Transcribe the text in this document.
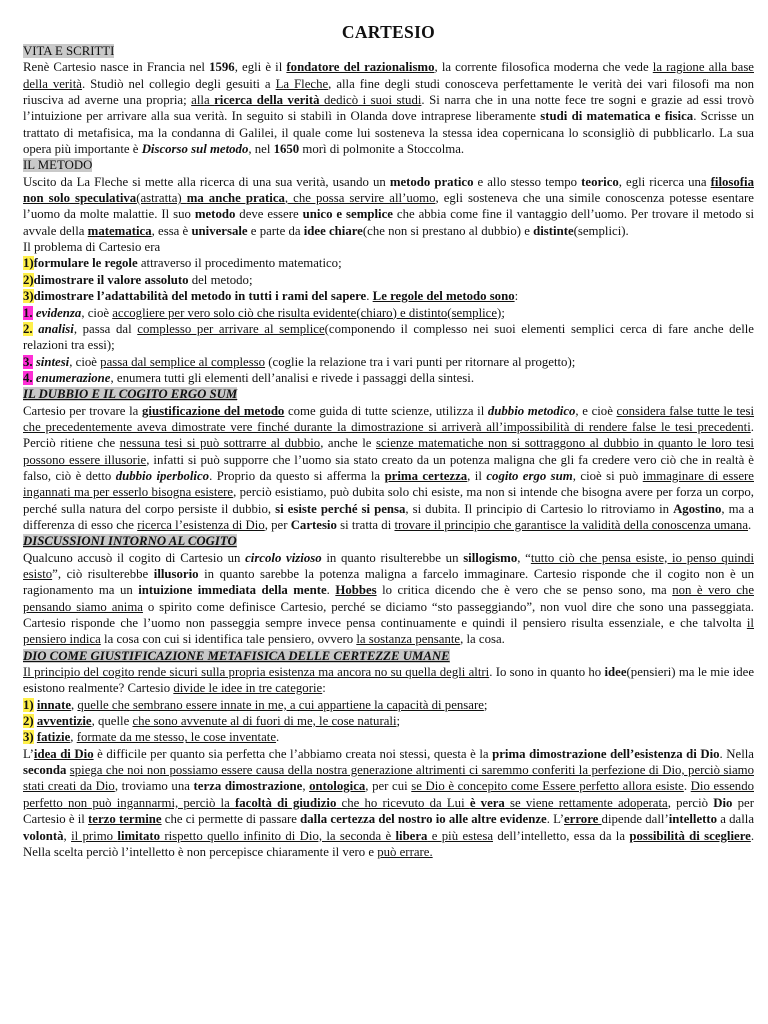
CARTESIO
VITA E SCRITTI

Renè Cartesio nasce in Francia nel 1596, egli è il fondatore del razionalismo, la corrente filosofica moderna che vede la ragione alla base della verità. Studiò nel collegio degli gesuiti a La Fleche, alla fine degli studi conosceva perfettamente le verità dei vari filosofi ma non riusciva ad averne una propria; alla ricerca della verità dedicò i suoi studi. Si narra che in una notte fece tre sogni e grazie ad essi trovò l’intuizione per arrivare alla sua verità. In seguito si stabilì in Olanda dove intraprese liberamente studi di matematica e fisica. Scrisse un trattato di metafisica, ma la condanna di Galilei, il quale come lui sosteneva la stessa idea copernicana lo sconsigliò di pubblicarlo. La sua opera più importante è Discorso sul metodo, nel 1650 morì di polmonite a Stoccolma.

IL METODO

Uscito da La Fleche si mette alla ricerca di una sua verità, usando un metodo pratico e allo stesso tempo teorico, egli ricerca una filosofia non solo speculativa(astratta) ma anche pratica, che possa servire all’uomo, egli sosteneva che una simile conoscenza potesse esentare l’uomo da molte malattie. Il suo metodo deve essere unico e semplice che abbia come fine il vantaggio dell’uomo. Per trovare il metodo si avvale della matematica, essa è universale e parte da idee chiare(che non si prestano al dubbio) e distinte(semplici).

Il problema di Cartesio era

1)formulare le regole attraverso il procedimento matematico;

2)dimostrare il valore assoluto del metodo;

3)dimostrare l’adattabilità del metodo in tutti i rami del sapere. Le regole del metodo sono:

1. evidenza, cioè accogliere per vero solo ciò che risulta evidente(chiaro) e distinto(semplice);

2. analisi, passa dal complesso per arrivare al semplice(componendo il complesso nei suoi elementi semplici cerca di fare anche delle relazioni tra essi);

3. sintesi, cioè passa dal semplice al complesso (coglie la relazione tra i vari punti per ritornare al progetto);

4. enumerazione, enumera tutti gli elementi dell’analisi e rivede i passaggi della sintesi.

IL DUBBIO E IL COGITO ERGO SUM

Cartesio per trovare la giustificazione del metodo come guida di tutte scienze, utilizza il dubbio metodico, e cioè considera false tutte le tesi che precedentemente aveva dimostrate vere finché durante la dimostrazione si arriverà all’impossibilità di rendere false le tesi precedenti. Perciò ritiene che nessuna tesi si può sottrarre al dubbio, anche le scienze matematiche non si sottraggono al dubbio in quanto le loro tesi possono essere illusorie, infatti si può supporre che l’uomo sia stato creato da un potenza maligna che gli fa credere vero ciò che in realtà è falso, ciò è detto dubbio iperbolico. Proprio da questo si afferma la prima certezza, il cogito ergo sum, cioè si può immaginare di essere ingannati ma per esserlo bisogna esistere, perciò esistiamo, può dubita solo chi esiste, ma non si intende che bisogna avere per forza un corpo, perché sulla natura del corpo persiste il dubbio, si esiste perché si pensa, si dubita. Il principio di Cartesio lo ritroviamo in Agostino, ma a differenza di esso che ricerca l’esistenza di Dio, per Cartesio si tratta di trovare il principio che garantisce la validità della conoscenza umana.

DISCUSSIONI INTORNO AL COGITO

Qualcuno accusò il cogito di Cartesio un circolo vizioso in quanto risulterebbe un sillogismo, “tutto ciò che pensa esiste, io penso quindi esisto”, ciò risulterebbe illusorio in quanto sarebbe la potenza maligna a farcelo immaginare. Cartesio risponde che il cogito non è un ragionamento ma un intuizione immediata della mente. Hobbes lo critica dicendo che è vero che se penso sono, ma non è vero che pensando siamo anima o spirito come definisce Cartesio, perché se diciamo “sto passeggiando”, non vuol dire che sono una passeggiata. Cartesio risponde che l’uomo non passeggia sempre invece pensa continuamente e quindi il pensiero risulta essenziale, e che talvolta il pensiero indica la cosa con cui si identifica tale pensiero, ovvero la sostanza pensante, la cosa.

DIO COME GIUSTIFICAZIONE METAFISICA DELLE CERTEZZE UMANE

Il principio del cogito rende sicuri sulla propria esistenza ma ancora no su quella degli altri. Io sono in quanto ho idee(pensieri) ma le mie idee esistono realmente? Cartesio divide le idee in tre categorie:

1) innate, quelle che sembrano essere innate in me, a cui appartiene la capacità di pensare;

2) avventizie, quelle che sono avvenute al di fuori di me, le cose naturali;

3) fatizie, formate da me stesso, le cose inventate.

L’idea di Dio è difficile per quanto sia perfetta che l’abbiamo creata noi stessi, questa è la prima dimostrazione dell’esistenza di Dio. Nella seconda spiega che noi non possiamo essere causa della nostra generazione altrimenti ci saremmo conferiti la perfezione di Dio, perciò siamo stati creati da Dio, troviamo una terza dimostrazione, ontologica, per cui se Dio è concepito come Essere perfetto allora esiste. Dio essendo perfetto non può ingannarmi, perciò la facoltà di giudizio che ho ricevuto da Lui è vera se viene rettamente adoperata, perciò Dio per Cartesio è il terzo termine che ci permette di passare dalla certezza del nostro io alle altre evidenze. L’errore dipende dall’intelletto a dalla volontà, il primo limitato rispetto quello infinito di Dio, la seconda è libera e più estesa dell’intelletto, essa da la possibilità di scegliere. Nella scelta perciò l’intelletto è non percepisce chiaramente il vero e può errare.
